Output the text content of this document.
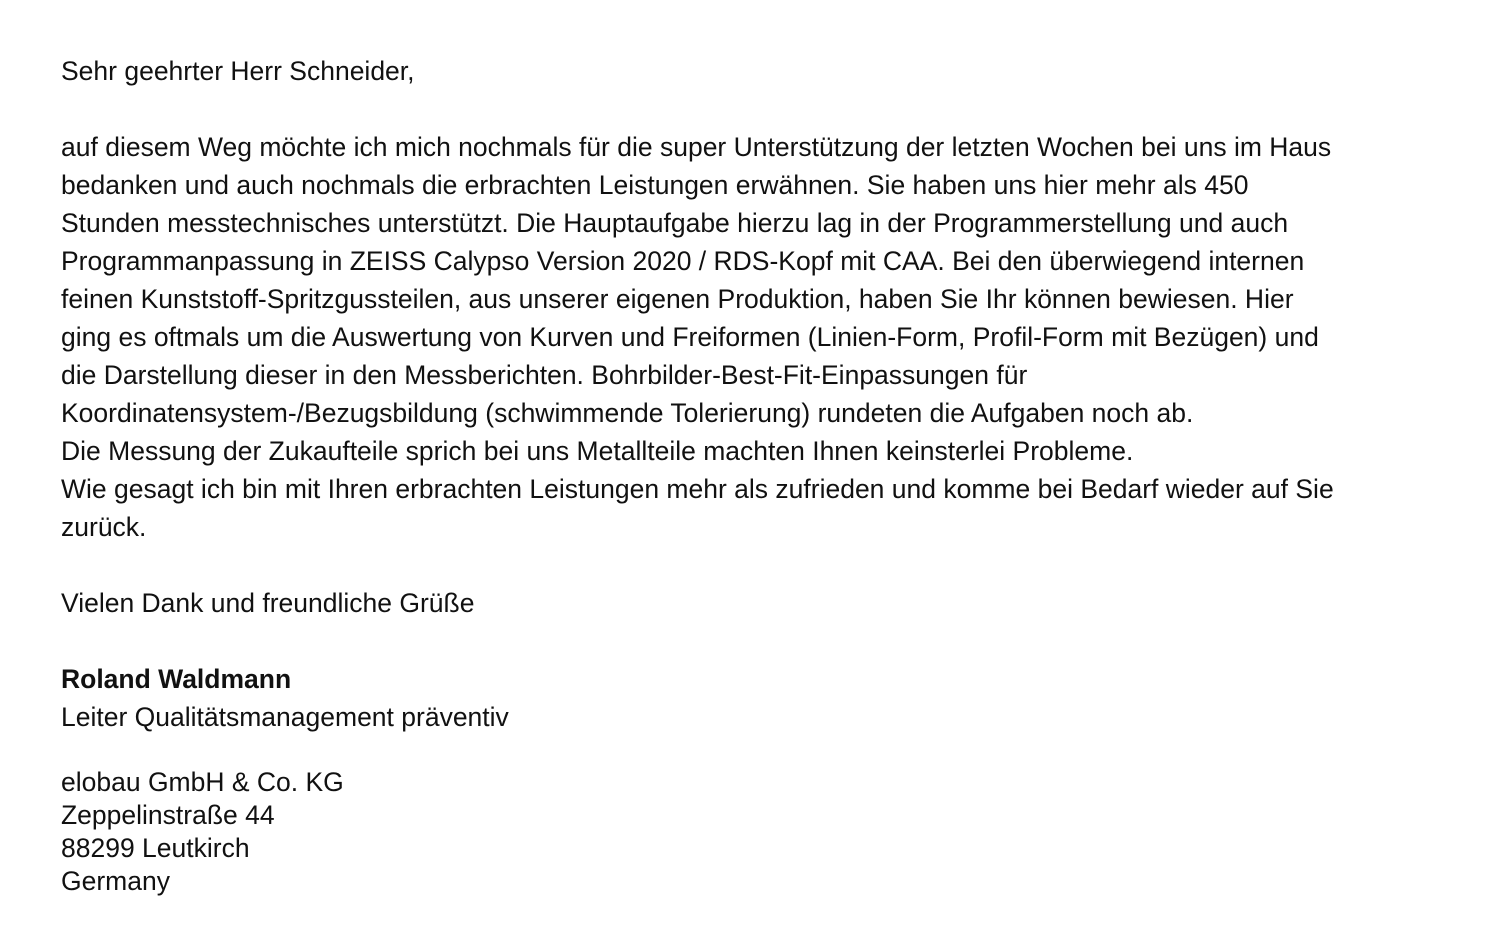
Sehr geehrter Herr Schneider,

auf diesem Weg möchte ich mich nochmals für die super Unterstützung der letzten Wochen bei uns im Haus
bedanken und auch nochmals die erbrachten Leistungen erwähnen. Sie haben uns hier mehr als 450
Stunden messtechnisches unterstützt. Die Hauptaufgabe hierzu lag in der Programmerstellung und auch
Programmanpassung in ZEISS Calypso Version 2020 / RDS-Kopf mit CAA. Bei den überwiegend internen
feinen Kunststoff-Spritzgussteilen, aus unserer eigenen Produktion, haben Sie Ihr können bewiesen. Hier
ging es oftmals um die Auswertung von Kurven und Freiformen (Linien-Form, Profil-Form mit Bezügen) und
die Darstellung dieser in den Messberichten. Bohrbilder-Best-Fit-Einpassungen für
Koordinatensystem-/Bezugsbildung (schwimmende Tolerierung) rundeten die Aufgaben noch ab.
Die Messung der Zukaufteile sprich bei uns Metallteile machten Ihnen keinsterlei Probleme.
Wie gesagt ich bin mit Ihren erbrachten Leistungen mehr als zufrieden und komme bei Bedarf wieder auf Sie
zurück.

Vielen Dank und freundliche Grüße

Roland Waldmann

Leiter Qualitätsmanagement präventiv

elobau GmbH & Co. KG
Zeppelinstraße 44
88299 Leutkirch
Germany
